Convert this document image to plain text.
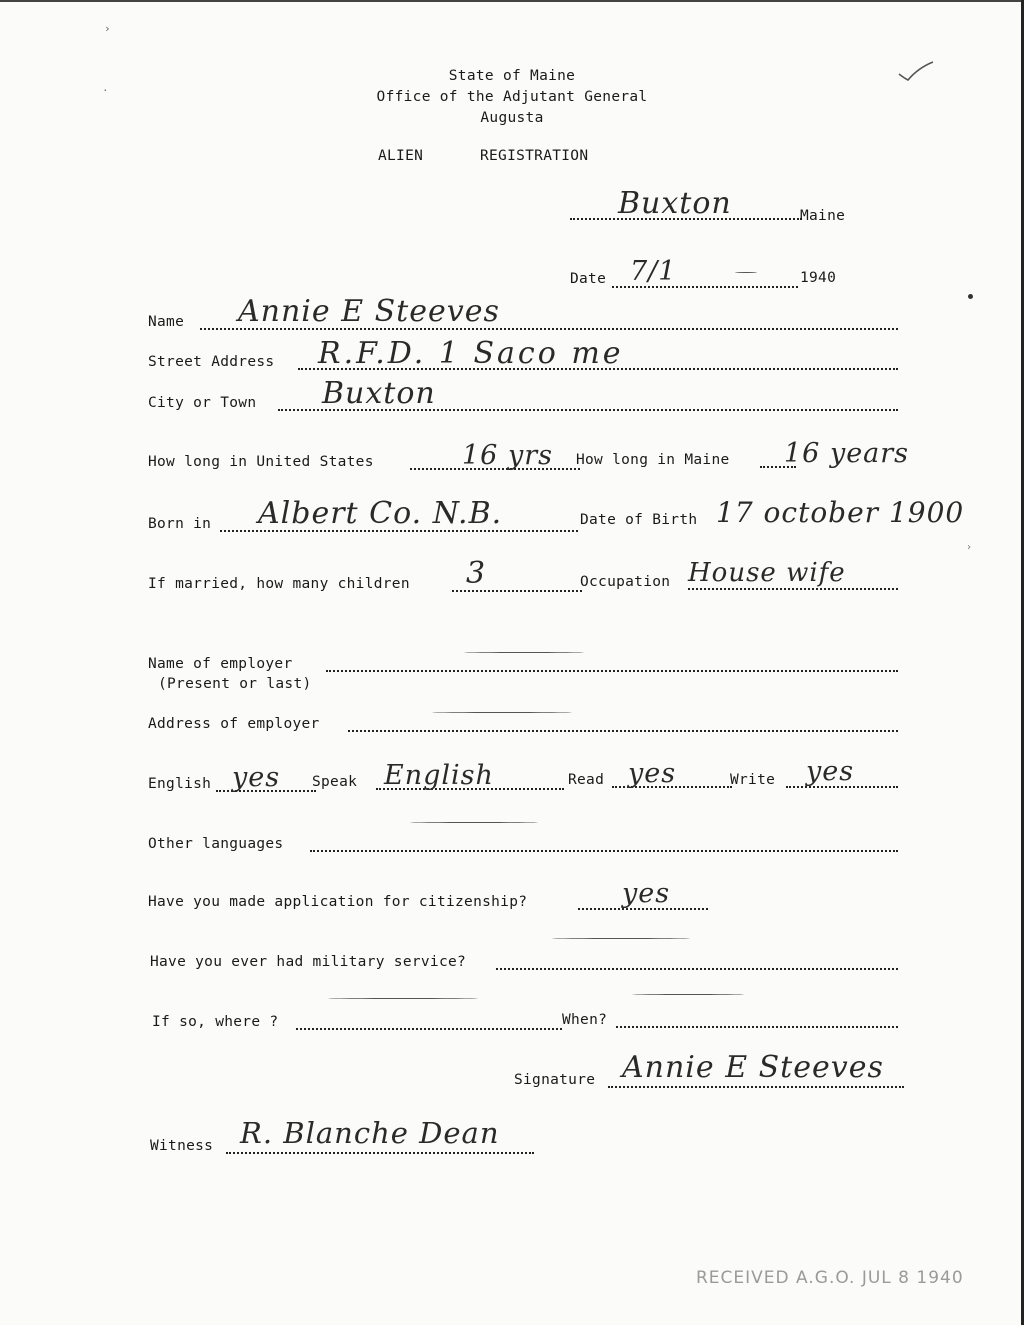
›
·
State of Maine
Office of the Adjutant General
Augusta
ALIEN	REGISTRATION
Buxton	Maine
Date 7/1	1940
Name Annie E Steeves
Street Address R.F.D. 1 Saco me
City or Town Buxton
How long in United States	16 yrs How long in Maine 16 years
Born in Albert Co. N.B.	Date of Birth 17 october 1900
›
If married, how many children 3	Occupation House wife
Name of employer
(Present or last)
Address of employer
English yes Speak English	Read yes	Write yes
Other languages
Have you made application for citizenship?	yes
Have you ever had military service?
If so, where ?	When?
Signature Annie E Steeves
Witness R. Blanche Dean
RECEIVED A.G.O. JUL 8 1940
